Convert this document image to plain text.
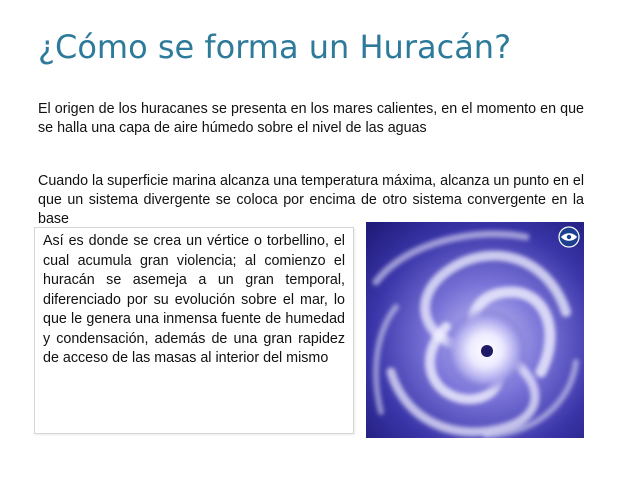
¿Cómo se forma un Huracán?

El origen de los huracanes se presenta en los mares calientes, en el momento en que se halla una capa de aire húmedo sobre el nivel de las aguas

Cuando la superficie marina alcanza una temperatura máxima, alcanza un punto en el que un sistema divergente se coloca por encima de otro sistema convergente en la base

Así es donde se crea un vértice o torbellino, el cual acumula gran violencia; al comienzo el huracán se asemeja a un gran temporal, diferenciado por su evolución sobre el mar, lo que le genera una inmensa fuente de humedad y condensación, además de una gran rapidez de acceso de las masas al interior del mismo
